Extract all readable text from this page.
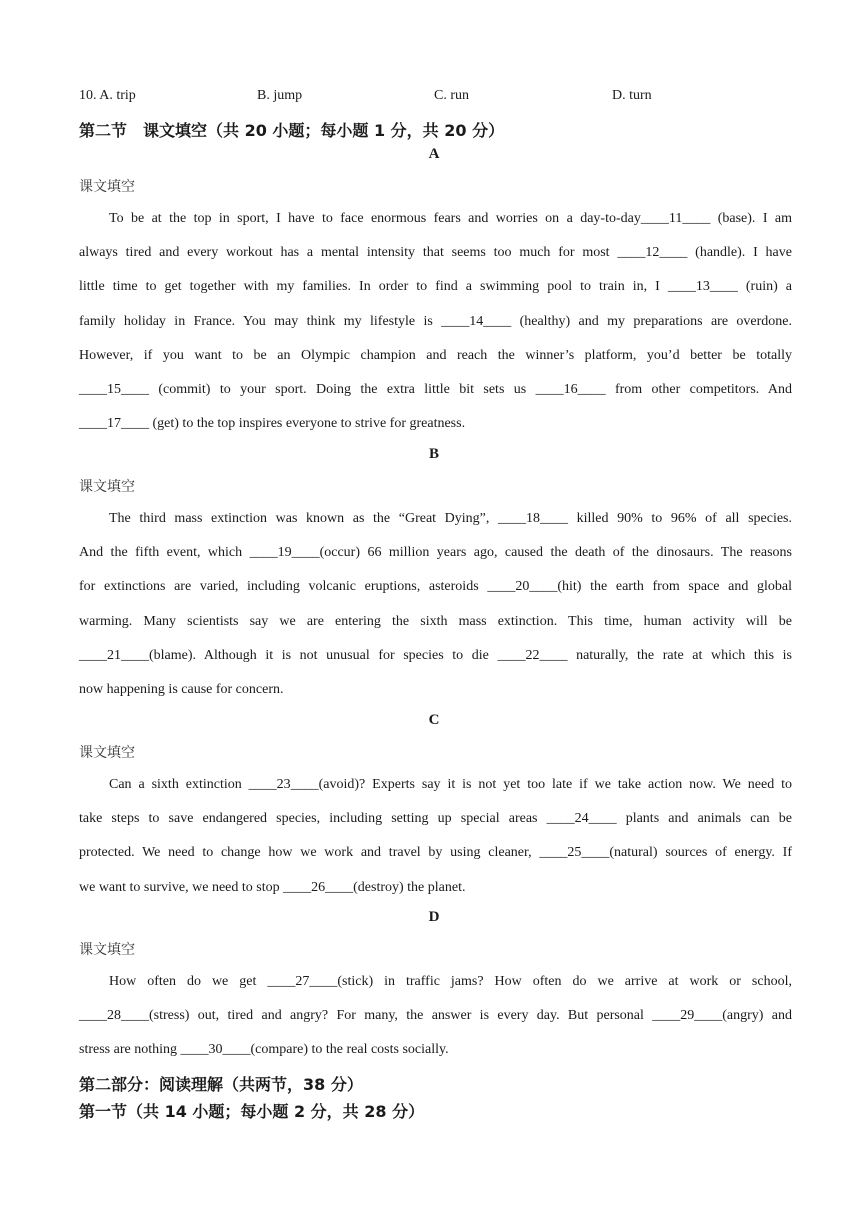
10. A. trip	B. jump	C. run	D. turn
第二节　课文填空（共 20 小题；每小题 1 分，共 20 分）
A
课文填空
To be at the top in sport, I have to face enormous fears and worries on a day-to-day____11____ (base). I am
always tired and every workout has a mental intensity that seems too much for most ____12____ (handle). I have
little time to get together with my families. In order to find a swimming pool to train in, I ____13____ (ruin) a
family holiday in France. You may think my lifestyle is ____14____ (healthy) and my preparations are overdone.
However, if you want to be an Olympic champion and reach the winner’s platform, you’d better be totally
____15____ (commit) to your sport. Doing the extra little bit sets us ____16____ from other competitors. And
____17____ (get) to the top inspires everyone to strive for greatness.
B
课文填空
The third mass extinction was known as the “Great Dying”, ____18____ killed 90% to 96% of all species.
And the fifth event, which ____19____(occur) 66 million years ago, caused the death of the dinosaurs. The reasons
for extinctions are varied, including volcanic eruptions, asteroids ____20____(hit) the earth from space and global
warming. Many scientists say we are entering the sixth mass extinction. This time, human activity will be
____21____(blame). Although it is not unusual for species to die ____22____ naturally, the rate at which this is
now happening is cause for concern.
C
课文填空
Can a sixth extinction ____23____(avoid)? Experts say it is not yet too late if we take action now. We need to
take steps to save endangered species, including setting up special areas ____24____ plants and animals can be
protected. We need to change how we work and travel by using cleaner, ____25____(natural) sources of energy. If
we want to survive, we need to stop ____26____(destroy) the planet.
D
课文填空
How often do we get ____27____(stick) in traffic jams? How often do we arrive at work or school,
____28____(stress) out, tired and angry? For many, the answer is every day. But personal ____29____(angry) and
stress are nothing ____30____(compare) to the real costs socially.
第二部分：阅读理解（共两节，38 分）
第一节（共 14 小题；每小题 2 分，共 28 分）
